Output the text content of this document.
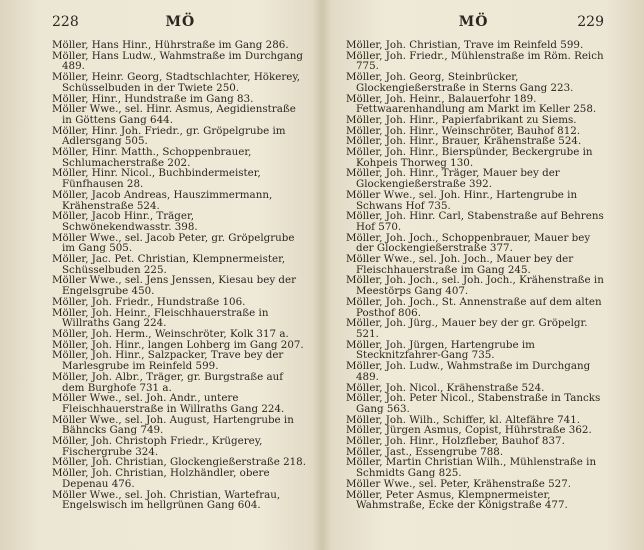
228	MÖ
Möller, Hans Hinr., Hührstraße im Gang 286.
Möller, Hans Ludw., Wahmstraße im Durchgang 489.
Möller, Heinr. Georg, Stadtschlachter, Hökerey, Schüsselbuden in der Twiete 250.
Möller, Hinr., Hundstraße im Gang 83.
Möller Wwe., sel. Hinr. Asmus, Aegidienstraße in Göttens Gang 644.
Möller, Hinr. Joh. Friedr., gr. Gröpelgrube im Adlersgang 505.
Möller, Hinr. Matth., Schoppenbrauer, Schlumacherstraße 202.
Möller, Hinr. Nicol., Buchbindermeister, Fünfhausen 28.
Möller, Jacob Andreas, Hauszimmermann, Krähenstraße 524.
Möller, Jacob Hinr., Träger, Schwönekendwasstr. 398.
Möller Wwe., sel. Jacob Peter, gr. Gröpelgrube im Gang 505.
Möller, Jac. Pet. Christian, Klempnermeister, Schüsselbuden 225.
Möller Wwe., sel. Jens Jenssen, Kiesau bey der Engelsgrube 450.
Möller, Joh. Friedr., Hundstraße 106.
Möller, Joh. Heinr., Fleischhauerstraße in Willraths Gang 224.
Möller, Joh. Herm., Weinschröter, Kolk 317 a.
Möller, Joh. Hinr., langen Lohberg im Gang 207.
Möller, Joh. Hinr., Salzpacker, Trave bey der Marlesgrube im Reinfeld 599.
Möller, Joh. Albr., Träger, gr. Burgstraße auf dem Burghofe 731 a.
Möller Wwe., sel. Joh. Andr., untere Fleischhauerstraße in Willraths Gang 224.
Möller Wwe., sel. Joh. August, Hartengrube in Bähncks Gang 749.
Möller, Joh. Christoph Friedr., Krügerey, Fischergrube 324.
Möller, Joh. Christian, Glockengießerstraße 218.
Möller, Joh. Christian, Holzhändler, obere Depenau 476.
Möller Wwe., sel. Joh. Christian, Wartefrau, Engelswisch im hellgrünen Gang 604.
MÖ	229
Möller, Joh. Christian, Trave im Reinfeld 599.
Möller, Joh. Friedr., Mühlenstraße im Röm. Reich 775.
Möller, Joh. Georg, Steinbrücker, Glockengießerstraße in Sterns Gang 223.
Möller, Joh. Heinr., Balauerfohr 189. Fettwaarenhandlung am Markt im Keller 258.
Möller, Joh. Hinr., Papierfabrikant zu Siems.
Möller, Joh. Hinr., Weinschröter, Bauhof 812.
Möller, Joh. Hinr., Brauer, Krähenstraße 524.
Möller, Joh. Hinr., Bierspünder, Beckergrube in Kohpeis Thorweg 130.
Möller, Joh. Hinr., Träger, Mauer bey der Glockengießerstraße 392.
Möller Wwe., sel. Joh. Hinr., Hartengrube in Schwans Hof 735.
Möller, Joh. Hinr. Carl, Stabenstraße auf Behrens Hof 570.
Möller, Joh. Joch., Schoppenbrauer, Mauer bey der Glockengießerstraße 377.
Möller Wwe., sel. Joh. Joch., Mauer bey der Fleischhauerstraße im Gang 245.
Möller, Joh. Joch., sel. Joh. Joch., Krähenstraße in Meestörps Gang 407.
Möller, Joh. Joch., St. Annenstraße auf dem alten Posthof 806.
Möller, Joh. Jürg., Mauer bey der gr. Gröpelgr. 521.
Möller, Joh. Jürgen, Hartengrube im Stecknitzfahrer-Gang 735.
Möller, Joh. Ludw., Wahmstraße im Durchgang 489.
Möller, Joh. Nicol., Krähenstraße 524.
Möller, Joh. Peter Nicol., Stabenstraße in Tancks Gang 563.
Möller, Joh. Wilh., Schiffer, kl. Altefähre 741.
Möller, Jürgen Asmus, Copist, Hührstraße 362.
Möller, Joh. Hinr., Holzfleber, Bauhof 837.
Möller, Jast., Essengrube 788.
Möller, Martin Christian Wilh., Mühlenstraße in Schmidts Gang 825.
Möller Wwe., sel. Peter, Krähenstraße 527.
Möller, Peter Asmus, Klempnermeister, Wahmstraße, Ecke der Königstraße 477.
